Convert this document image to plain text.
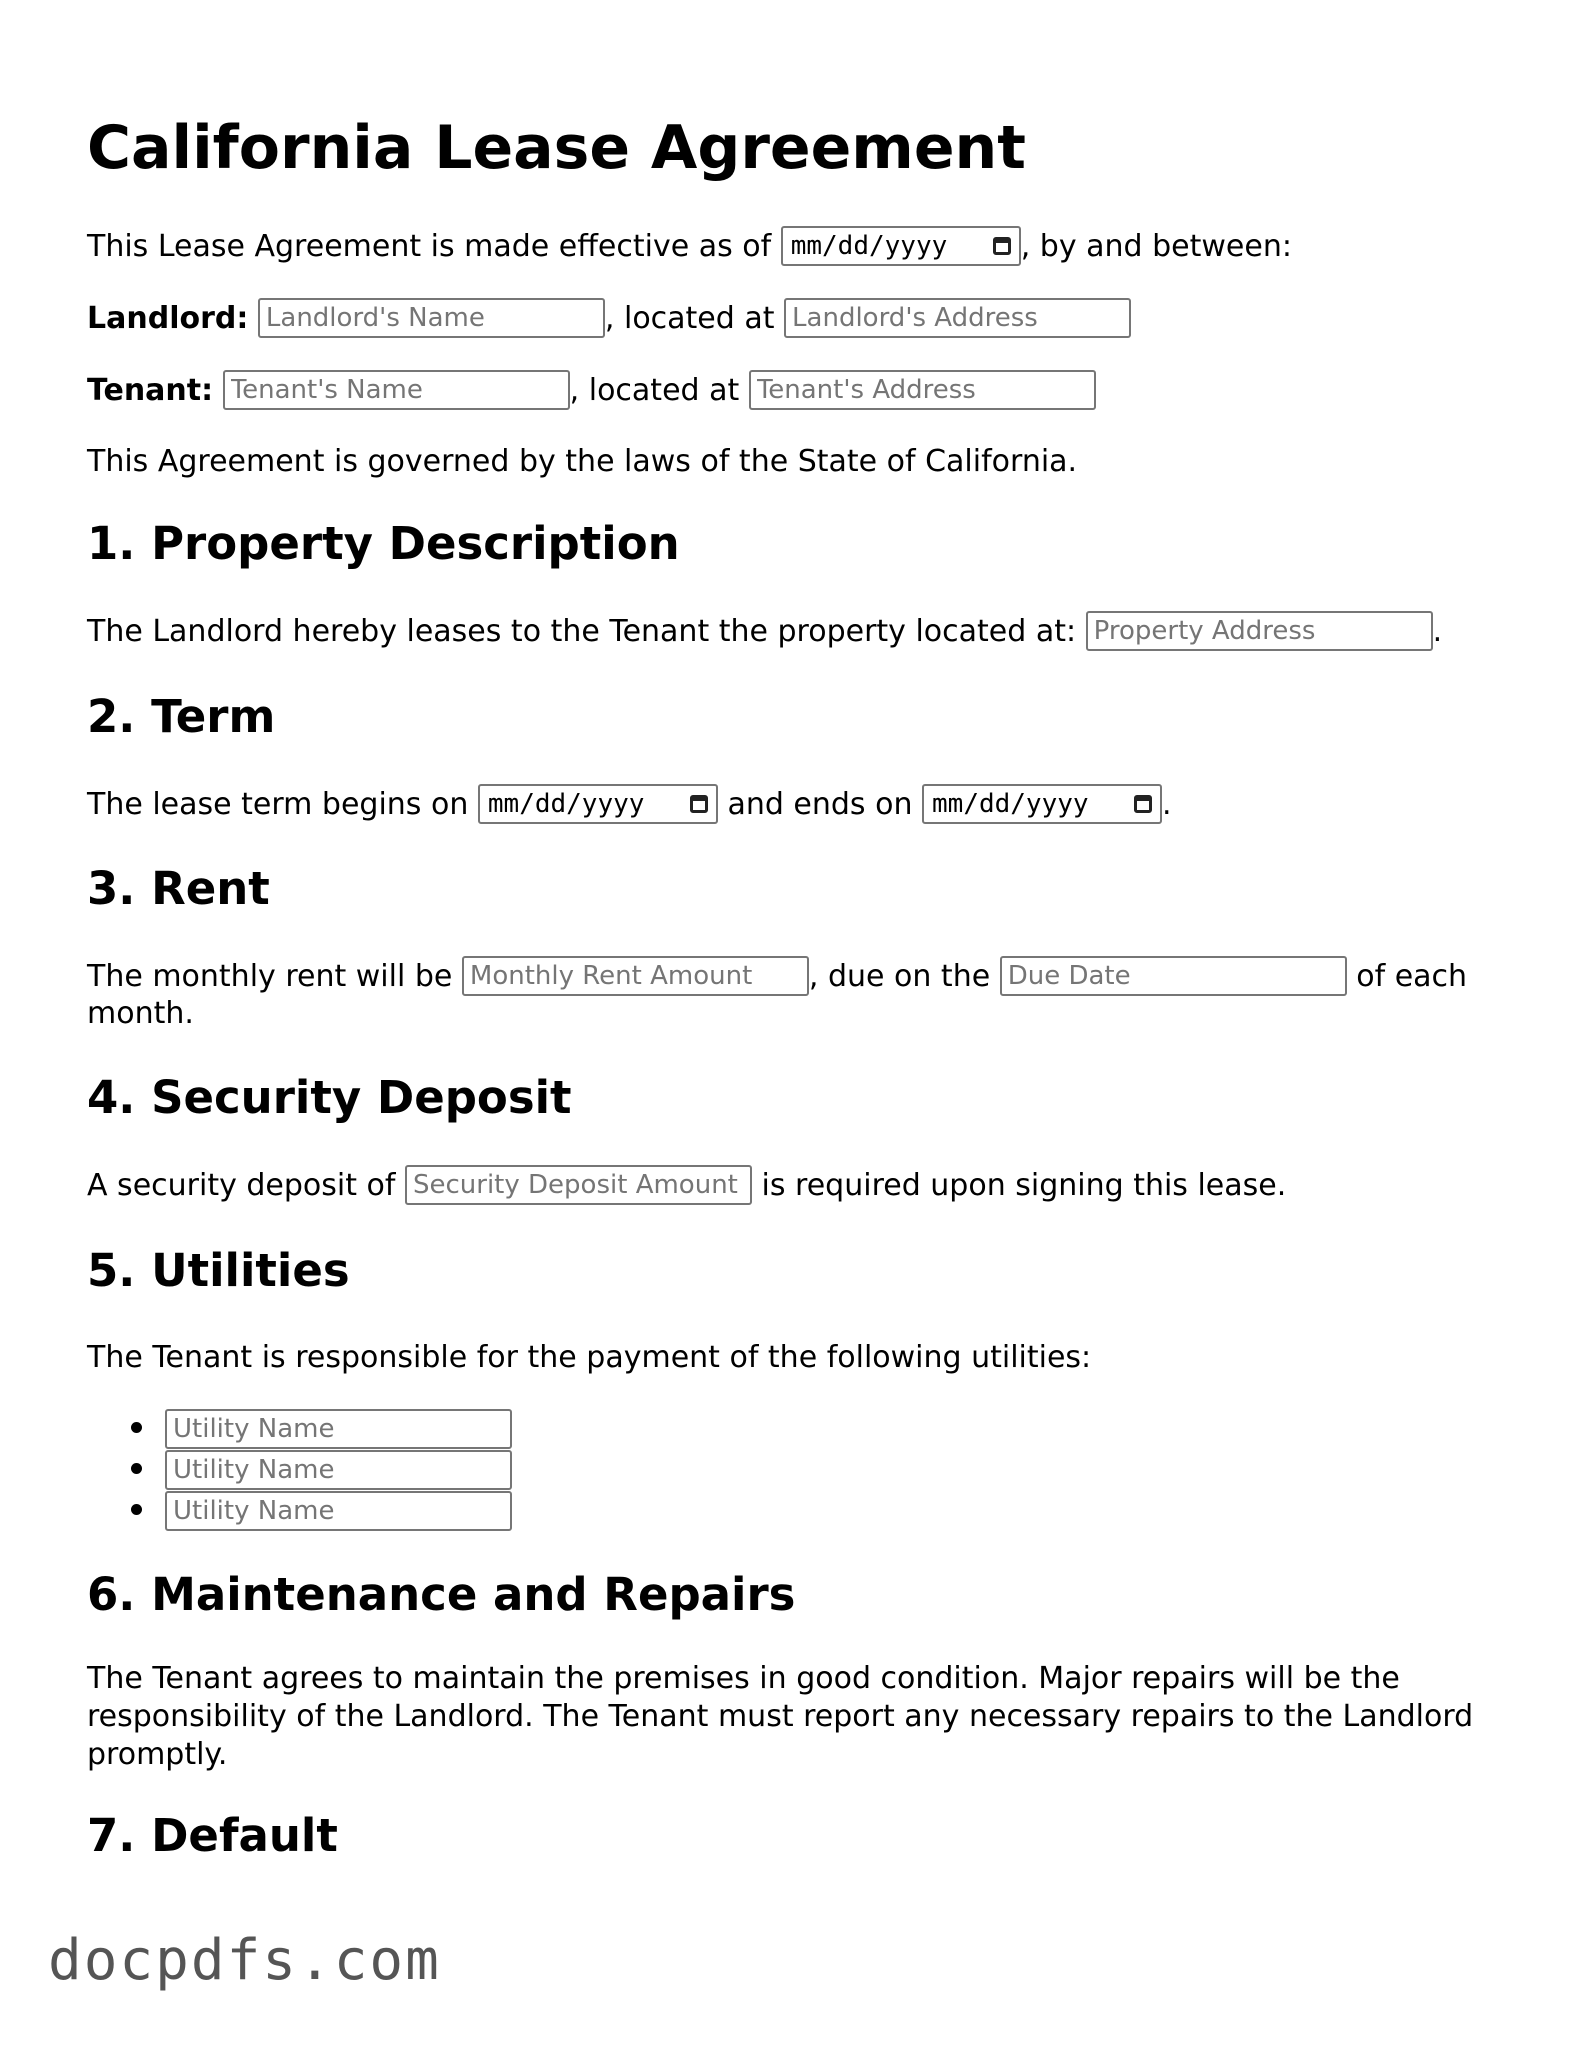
California Lease Agreement
This Lease Agreement is made effective as of mm/dd/yyyy , by and between:
Landlord: Landlord's Name	, located at Landlord's Address
Tenant: Tenant's Name	, located at Tenant's Address
This Agreement is governed by the laws of the State of California.
1. Property Description
The Landlord hereby leases to the Tenant the property located at: Property Address	.
2. Term
The lease term begins on mm/dd/yyyy	and ends on mm/dd/yyyy .
3. Rent
The monthly rent will be Monthly Rent Amount	, due on the Due Date	of each
month.
4. Security Deposit
A security deposit of Security Deposit Amount	is required upon signing this lease.
5. Utilities
The Tenant is responsible for the payment of the following utilities:
Utility Name
Utility Name
Utility Name
6. Maintenance and Repairs
The Tenant agrees to maintain the premises in good condition. Major repairs will be the responsibility of the Landlord. The Tenant must report any necessary repairs to the Landlord promptly.
7. Default
docpdfs.com
